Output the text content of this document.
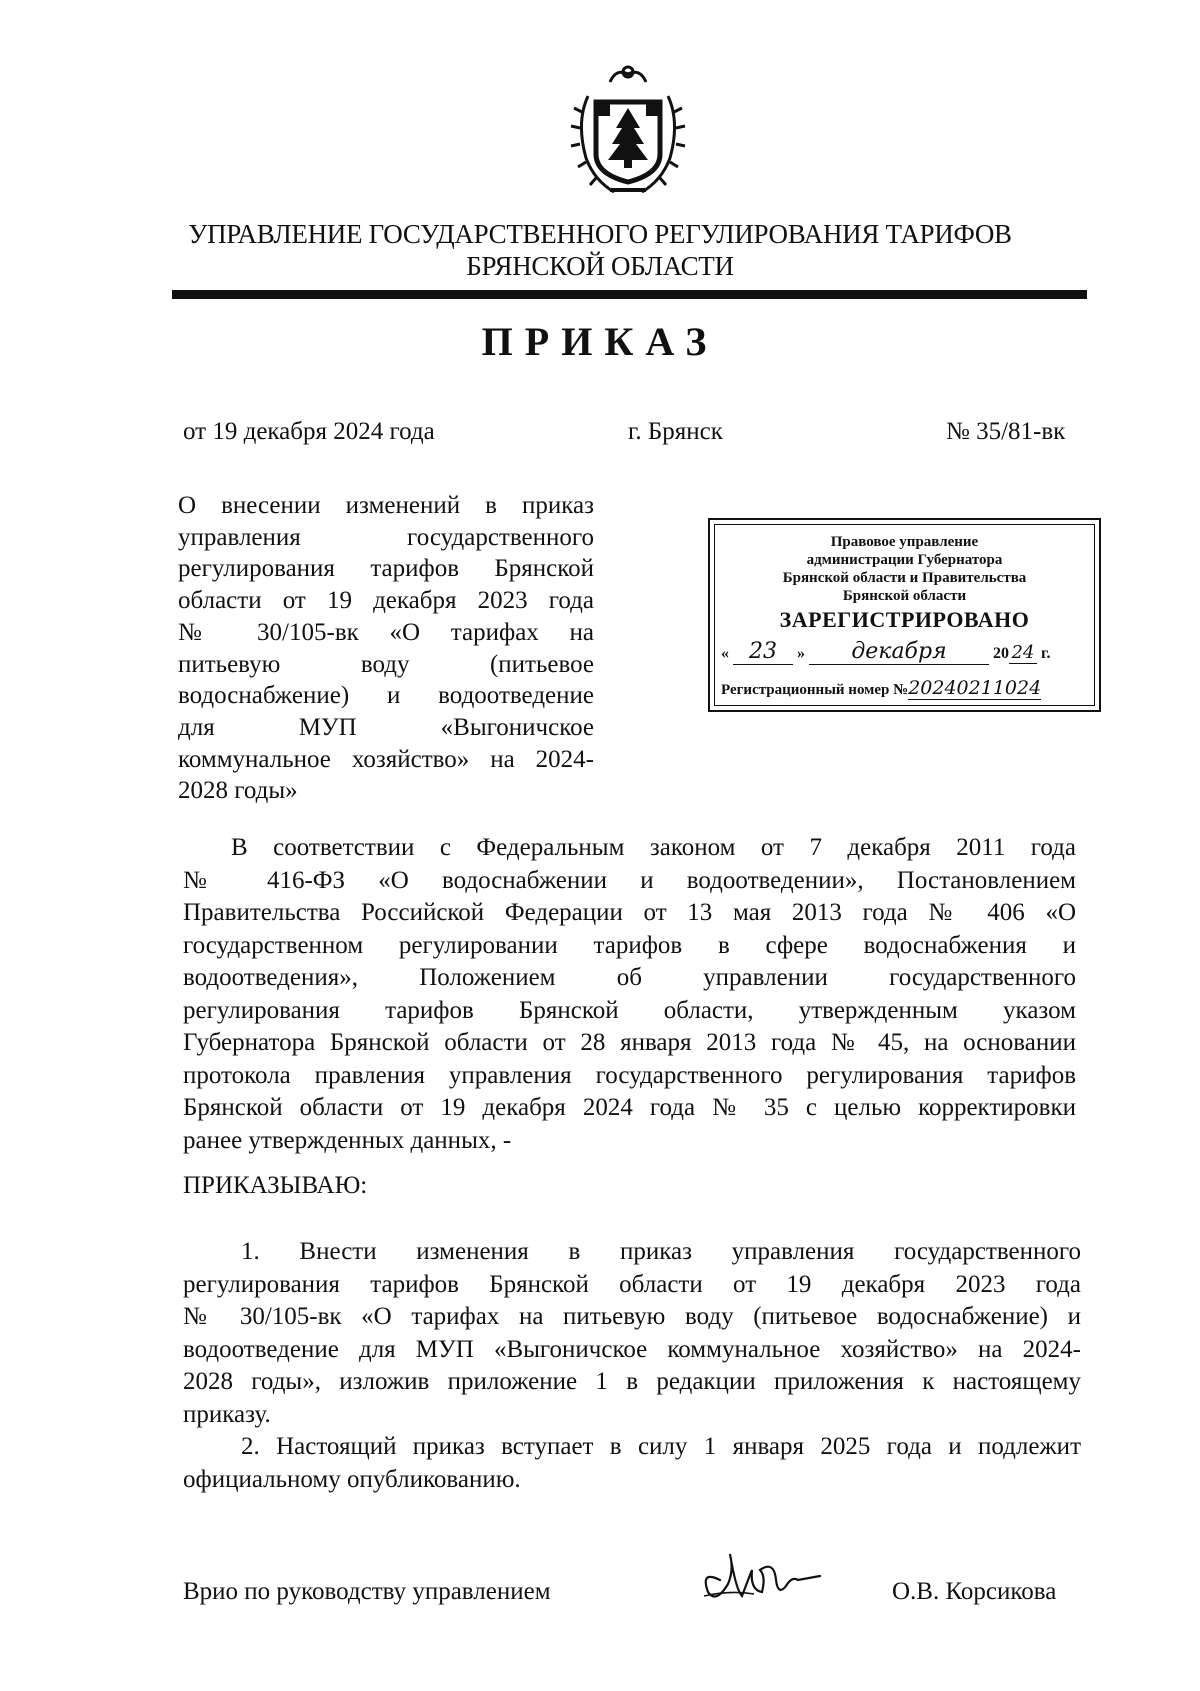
УПРАВЛЕНИЕ ГОСУДАРСТВЕННОГО РЕГУЛИРОВАНИЯ ТАРИФОВ
БРЯНСКОЙ ОБЛАСТИ
ПРИКАЗ
от 19 декабря 2024 года	г. Брянск	№ 35/81-вк
О внесении изменений в приказ
управления государственного
регулирования тарифов Брянской
области от 19 декабря 2023 года
№ 30/105-вк «О тарифах на
питьевую воду (питьевое
водоснабжение) и водоотведение
для МУП «Выгоничское
коммунальное хозяйство» на 2024-
2028 годы»
Правовое управление
администрации Губернатора
Брянской области и Правительства
Брянской области
ЗАРЕГИСТРИРОВАНО
« 23 » декабря	20 24 г.
Регистрационный номер №20240211024
В соответствии с Федеральным законом от 7 декабря 2011 года
№ 416-ФЗ «О водоснабжении и водоотведении», Постановлением
Правительства Российской Федерации от 13 мая 2013 года № 406 «О
государственном регулировании тарифов в сфере водоснабжения и
водоотведения», Положением об управлении государственного
регулирования тарифов Брянской области, утвержденным указом
Губернатора Брянской области от 28 января 2013 года № 45, на основании
протокола правления управления государственного регулирования тарифов
Брянской области от 19 декабря 2024 года № 35 с целью корректировки
ранее утвержденных данных, -
ПРИКАЗЫВАЮ:
1. Внести изменения в приказ управления государственного
регулирования тарифов Брянской области от 19 декабря 2023 года
№ 30/105-вк «О тарифах на питьевую воду (питьевое водоснабжение) и
водоотведение для МУП «Выгоничское коммунальное хозяйство» на 2024-
2028 годы», изложив приложение 1 в редакции приложения к настоящему
приказу.
2. Настоящий приказ вступает в силу 1 января 2025 года и подлежит
официальному опубликованию.
Врио по руководству управлением	О.В. Корсикова
